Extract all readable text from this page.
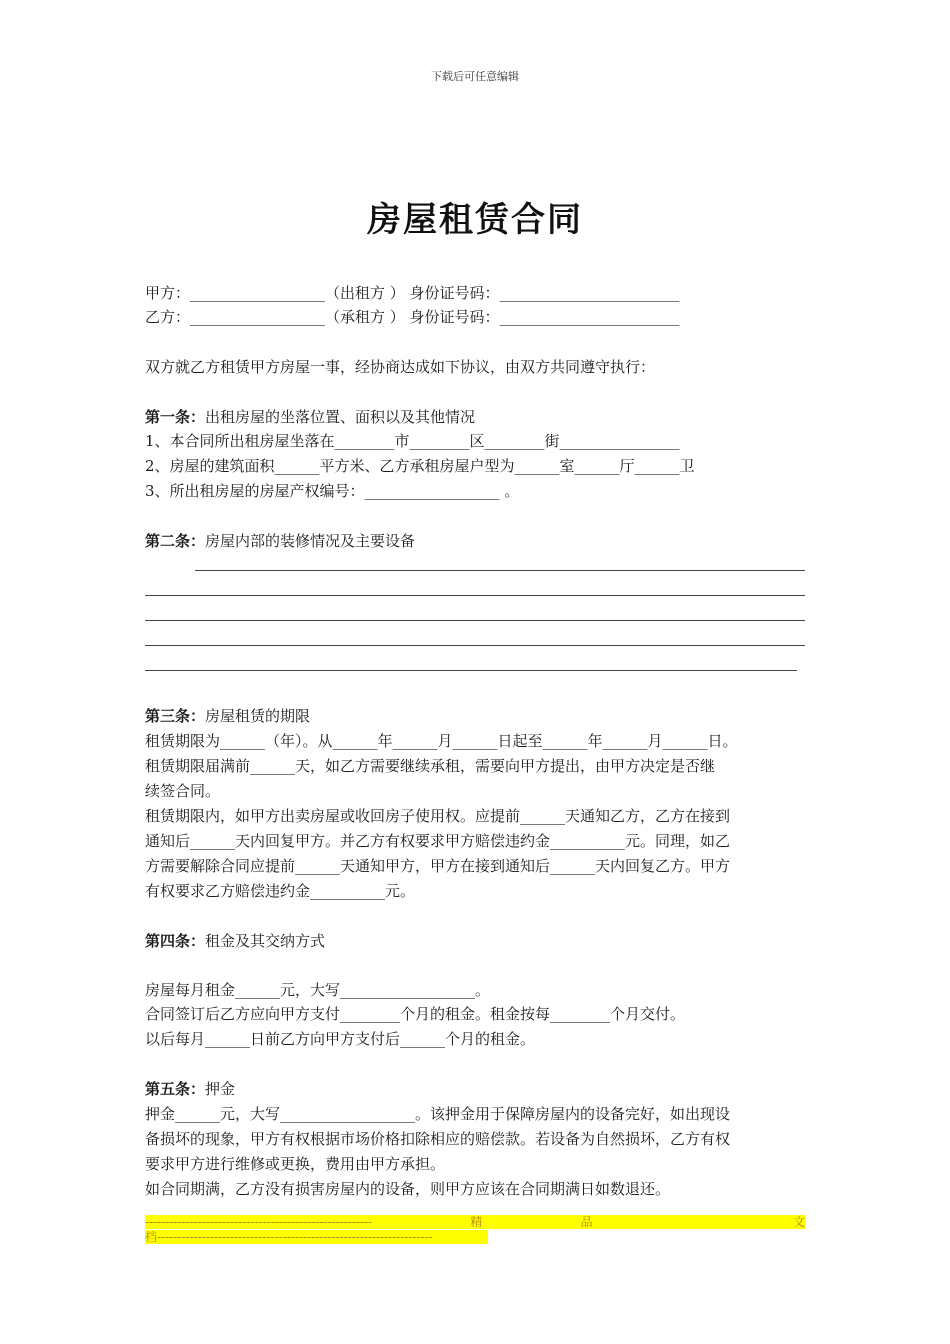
下载后可任意编辑
房屋租赁合同
甲方：__________________（出租方 ） 身份证号码：________________________
乙方：__________________（承租方 ） 身份证号码：________________________
双方就乙方租赁甲方房屋一事，经协商达成如下协议，由双方共同遵守执行：
第一条：出租房屋的坐落位置、面积以及其他情况
1、本合同所出租房屋坐落在________市________区________街________________
2、房屋的建筑面积______平方米、乙方承租房屋户型为______室______厅______卫
3、所出租房屋的房屋产权编号：__________________ 。
第二条：房屋内部的装修情况及主要设备
第三条：房屋租赁的期限
租赁期限为______（年）。从______年______月______日起至______年______月______日。
租赁期限届满前______天，如乙方需要继续承租，需要向甲方提出，由甲方决定是否继
续签合同。
租赁期限内，如甲方出卖房屋或收回房子使用权。应提前______天通知乙方，乙方在接到
通知后______天内回复甲方。并乙方有权要求甲方赔偿违约金__________元。同理，如乙
方需要解除合同应提前______天通知甲方，甲方在接到通知后______天内回复乙方。甲方
有权要求乙方赔偿违约金__________元。
第四条：租金及其交纳方式
房屋每月租金______元，大写__________________。
合同签订后乙方应向甲方支付________个月的租金。租金按每________个月交付。
以后每月______日前乙方向甲方支付后______个月的租金。
第五条：押金
押金______元，大写__________________。该押金用于保障房屋内的设备完好，如出现设
备损坏的现象，甲方有权根据市场价格扣除相应的赔偿款。若设备为自然损坏，乙方有权
要求甲方进行维修或更换，费用由甲方承担。
如合同期满，乙方没有损害房屋内的设备，则甲方应该在合同期满日如数退还。
--------------------------------------------------------	精	品
	文
档--------------------------------------------------------------------
